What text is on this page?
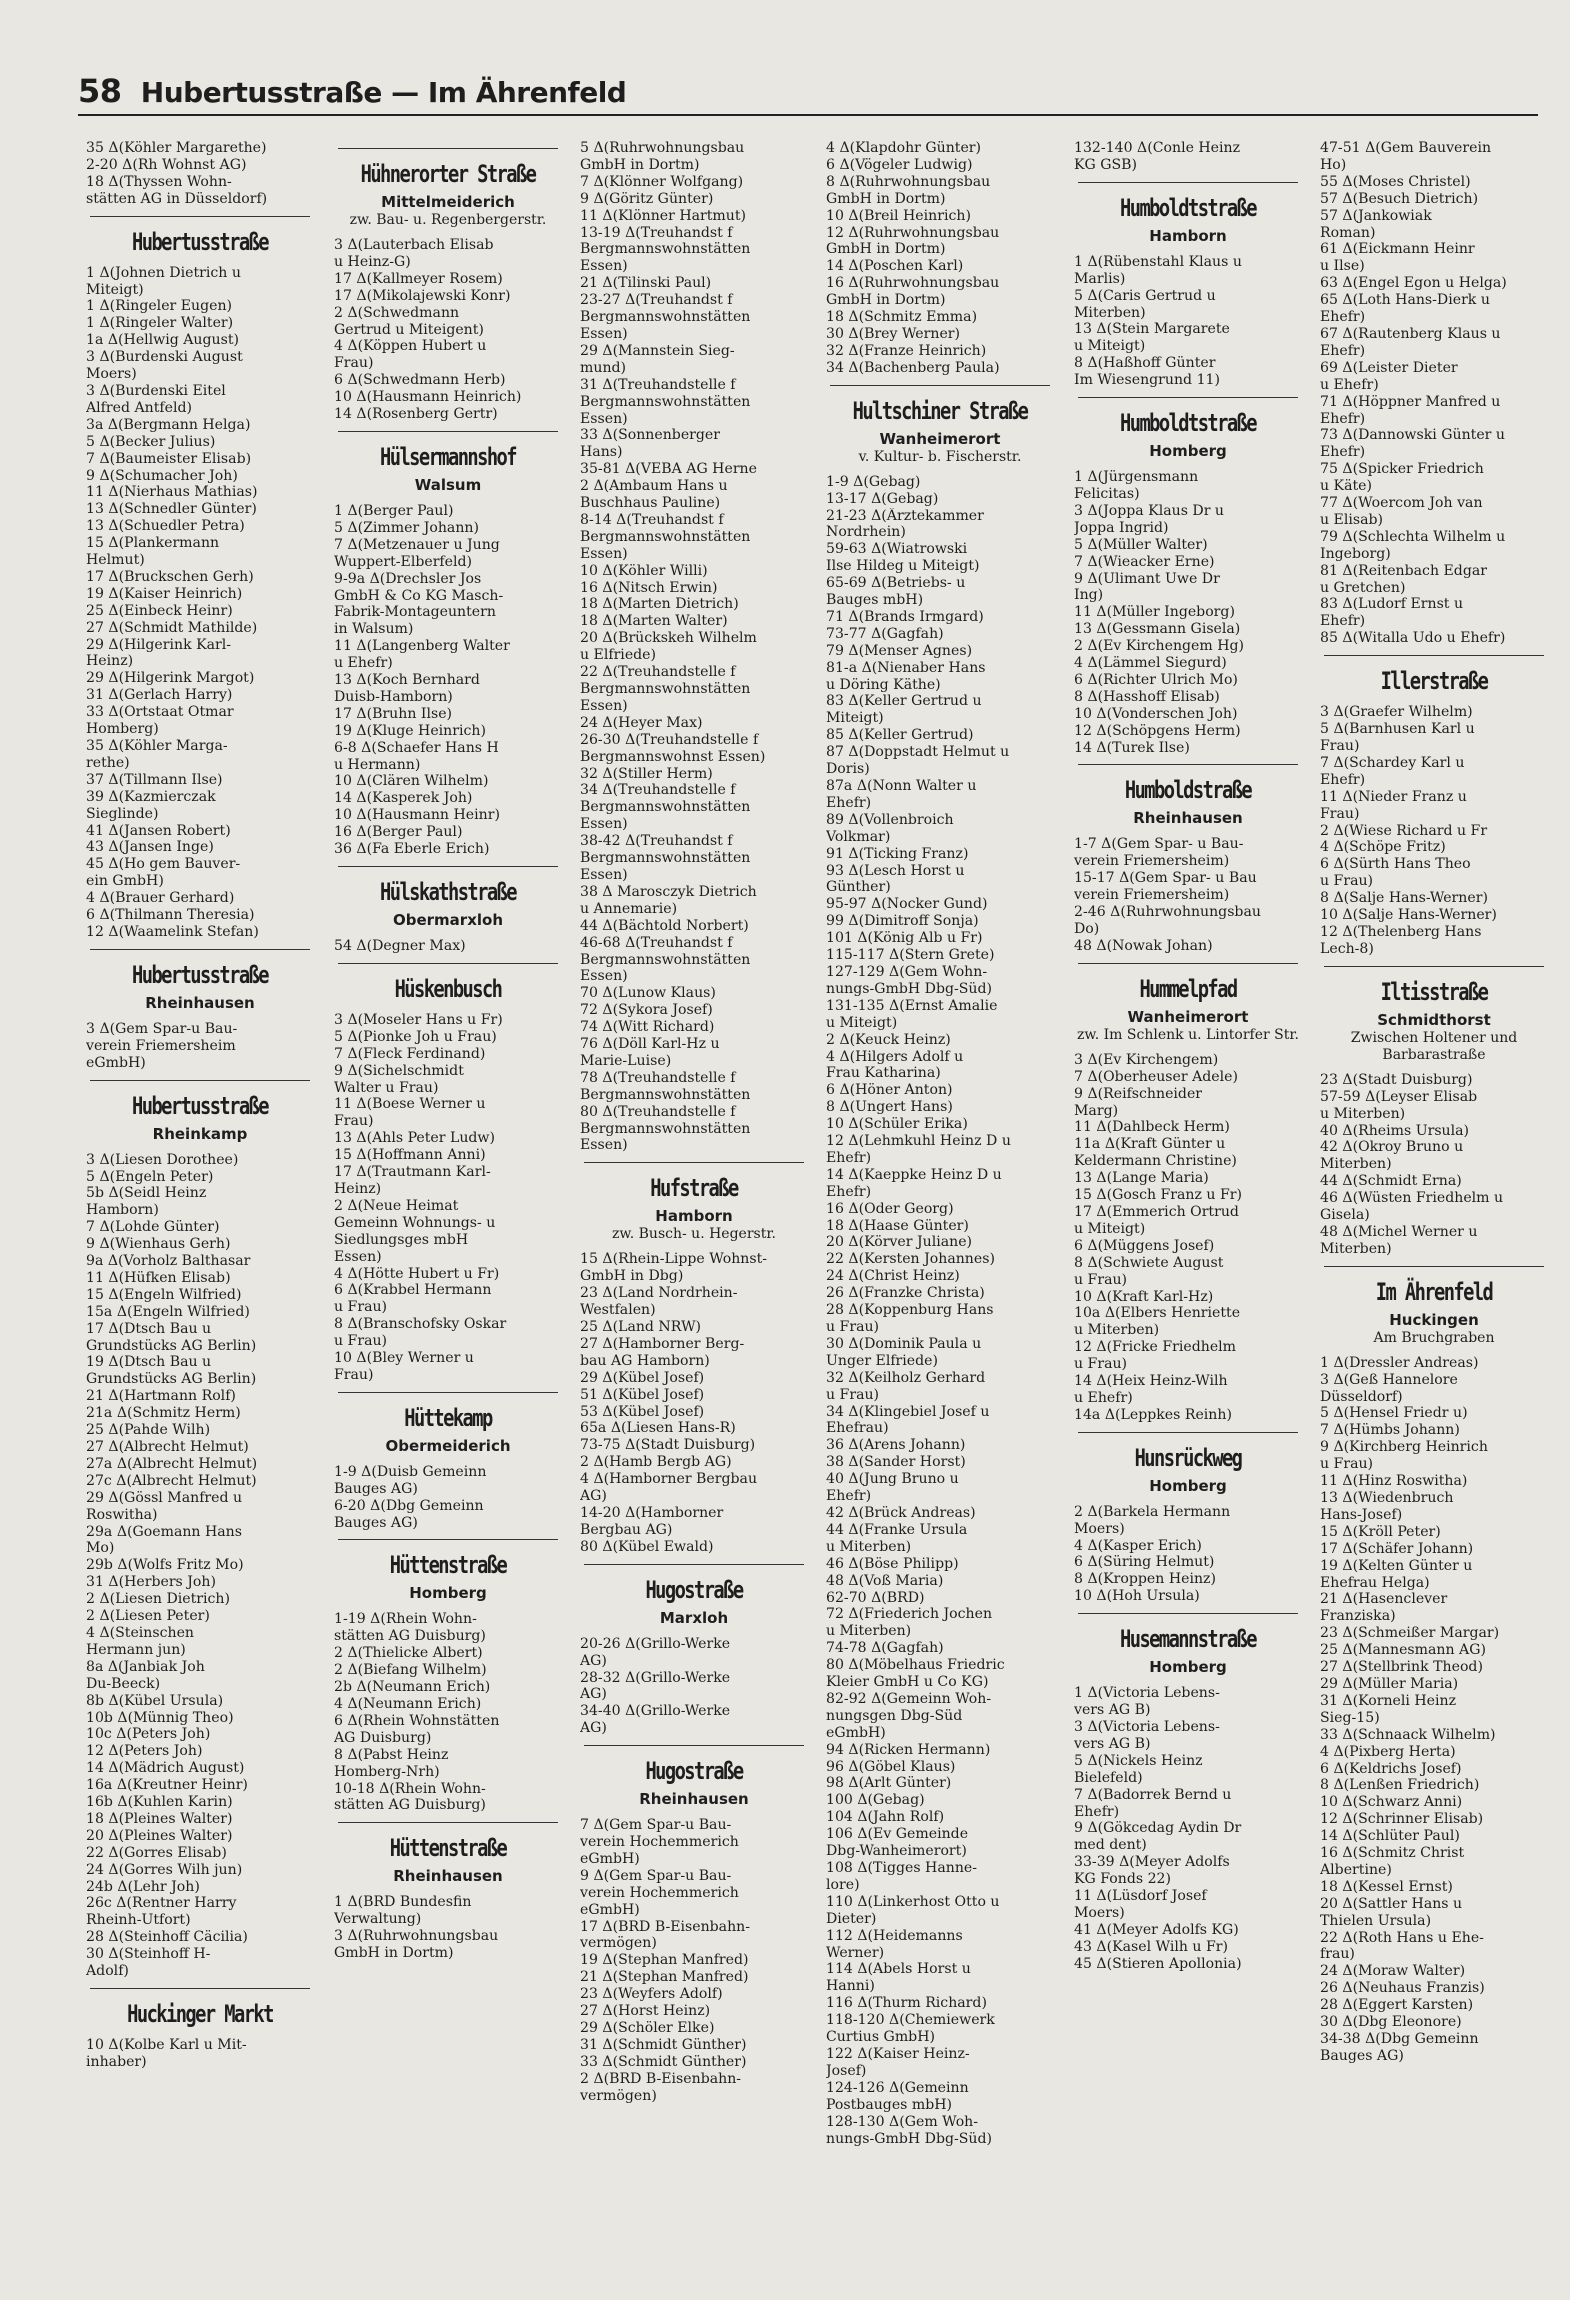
58 Hubertusstraße — Im Ährenfeld
35 Δ(Köhler Margarethe)
2-20 Δ(Rh Wohnst AG)
18 Δ(Thyssen Wohn-
stätten AG in Düsseldorf)
Hubertusstraße
1 Δ(Johnen Dietrich u
Miteigt)
1 Δ(Ringeler Eugen)
1 Δ(Ringeler Walter)
1a Δ(Hellwig August)
3 Δ(Burdenski August
Moers)
3 Δ(Burdenski Eitel
Alfred Antfeld)
3a Δ(Bergmann Helga)
5 Δ(Becker Julius)
7 Δ(Baumeister Elisab)
9 Δ(Schumacher Joh)
11 Δ(Nierhaus Mathias)
13 Δ(Schnedler Günter)
13 Δ(Schuedler Petra)
15 Δ(Plankermann
Helmut)
17 Δ(Bruckschen Gerh)
19 Δ(Kaiser Heinrich)
25 Δ(Einbeck Heinr)
27 Δ(Schmidt Mathilde)
29 Δ(Hilgerink Karl-
Heinz)
29 Δ(Hilgerink Margot)
31 Δ(Gerlach Harry)
33 Δ(Ortstaat Otmar
Homberg)
35 Δ(Köhler Marga-
rethe)
37 Δ(Tillmann Ilse)
39 Δ(Kazmierczak
Sieglinde)
41 Δ(Jansen Robert)
43 Δ(Jansen Inge)
45 Δ(Ho gem Bauver-
ein GmbH)
4 Δ(Brauer Gerhard)
6 Δ(Thilmann Theresia)
12 Δ(Waamelink Stefan)
Hubertusstraße
Rheinhausen
3 Δ(Gem Spar-u Bau-
verein Friemersheim
eGmbH)
Hubertusstraße
Rheinkamp
3 Δ(Liesen Dorothee)
5 Δ(Engeln Peter)
5b Δ(Seidl Heinz
Hamborn)
7 Δ(Lohde Günter)
9 Δ(Wienhaus Gerh)
9a Δ(Vorholz Balthasar
11 Δ(Hüfken Elisab)
15 Δ(Engeln Wilfried)
15a Δ(Engeln Wilfried)
17 Δ(Dtsch Bau u
Grundstücks AG Berlin)
19 Δ(Dtsch Bau u
Grundstücks AG Berlin)
21 Δ(Hartmann Rolf)
21a Δ(Schmitz Herm)
25 Δ(Pahde Wilh)
27 Δ(Albrecht Helmut)
27a Δ(Albrecht Helmut)
27c Δ(Albrecht Helmut)
29 Δ(Gössl Manfred u
Roswitha)
29a Δ(Goemann Hans
Mo)
29b Δ(Wolfs Fritz Mo)
31 Δ(Herbers Joh)
2 Δ(Liesen Dietrich)
2 Δ(Liesen Peter)
4 Δ(Steinschen
Hermann jun)
8a Δ(Janbiak Joh
Du-Beeck)
8b Δ(Kübel Ursula)
10b Δ(Münnig Theo)
10c Δ(Peters Joh)
12 Δ(Peters Joh)
14 Δ(Mädrich August)
16a Δ(Kreutner Heinr)
16b Δ(Kuhlen Karin)
18 Δ(Pleines Walter)
20 Δ(Pleines Walter)
22 Δ(Gorres Elisab)
24 Δ(Gorres Wilh jun)
24b Δ(Lehr Joh)
26c Δ(Rentner Harry
Rheinh-Utfort)
28 Δ(Steinhoff Cäcilia)
30 Δ(Steinhoff H-
Adolf)
Huckinger Markt
10 Δ(Kolbe Karl u Mit-
inhaber)
Hühnerorter Straße
Mittelmeiderich
zw. Bau- u. Regenbergerstr.
3 Δ(Lauterbach Elisab
u Heinz-G)
17 Δ(Kallmeyer Rosem)
17 Δ(Mikolajewski Konr)
2 Δ(Schwedmann
Gertrud u Miteigent)
4 Δ(Köppen Hubert u
Frau)
6 Δ(Schwedmann Herb)
10 Δ(Hausmann Heinrich)
14 Δ(Rosenberg Gertr)
Hülsermannshof
Walsum
1 Δ(Berger Paul)
5 Δ(Zimmer Johann)
7 Δ(Metzenauer u Jung
Wuppert-Elberfeld)
9-9a Δ(Drechsler Jos
GmbH & Co KG Masch-
Fabrik-Montageuntern
in Walsum)
11 Δ(Langenberg Walter
u Ehefr)
13 Δ(Koch Bernhard
Duisb-Hamborn)
17 Δ(Bruhn Ilse)
19 Δ(Kluge Heinrich)
6-8 Δ(Schaefer Hans H
u Hermann)
10 Δ(Clären Wilhelm)
14 Δ(Kasperek Joh)
10 Δ(Hausmann Heinr)
16 Δ(Berger Paul)
36 Δ(Fa Eberle Erich)
Hülskathstraße
Obermarxloh
54 Δ(Degner Max)
Hüskenbusch
3 Δ(Moseler Hans u Fr)
5 Δ(Pionke Joh u Frau)
7 Δ(Fleck Ferdinand)
9 Δ(Sichelschmidt
Walter u Frau)
11 Δ(Boese Werner u
Frau)
13 Δ(Ahls Peter Ludw)
15 Δ(Hoffmann Anni)
17 Δ(Trautmann Karl-
Heinz)
2 Δ(Neue Heimat
Gemeinn Wohnungs- u
Siedlungsges mbH
Essen)
4 Δ(Hötte Hubert u Fr)
6 Δ(Krabbel Hermann
u Frau)
8 Δ(Branschofsky Oskar
u Frau)
10 Δ(Bley Werner u
Frau)
Hüttekamp
Obermeiderich
1-9 Δ(Duisb Gemeinn
Bauges AG)
6-20 Δ(Dbg Gemeinn
Bauges AG)
Hüttenstraße
Homberg
1-19 Δ(Rhein Wohn-
stätten AG Duisburg)
2 Δ(Thielicke Albert)
2 Δ(Biefang Wilhelm)
2b Δ(Neumann Erich)
4 Δ(Neumann Erich)
6 Δ(Rhein Wohnstätten
AG Duisburg)
8 Δ(Pabst Heinz
Homberg-Nrh)
10-18 Δ(Rhein Wohn-
stätten AG Duisburg)
Hüttenstraße
Rheinhausen
1 Δ(BRD Bundesfin
Verwaltung)
3 Δ(Ruhrwohnungsbau
GmbH in Dortm)
5 Δ(Ruhrwohnungsbau
GmbH in Dortm)
7 Δ(Klönner Wolfgang)
9 Δ(Göritz Günter)
11 Δ(Klönner Hartmut)
13-19 Δ(Treuhandst f
Bergmannswohnstätten
Essen)
21 Δ(Tilinski Paul)
23-27 Δ(Treuhandst f
Bergmannswohnstätten
Essen)
29 Δ(Mannstein Sieg-
mund)
31 Δ(Treuhandstelle f
Bergmannswohnstätten
Essen)
33 Δ(Sonnenberger
Hans)
35-81 Δ(VEBA AG Herne
2 Δ(Ambaum Hans u
Buschhaus Pauline)
8-14 Δ(Treuhandst f
Bergmannswohnstätten
Essen)
10 Δ(Köhler Willi)
16 Δ(Nitsch Erwin)
18 Δ(Marten Dietrich)
18 Δ(Marten Walter)
20 Δ(Brückskeh Wilhelm
u Elfriede)
22 Δ(Treuhandstelle f
Bergmannswohnstätten
Essen)
24 Δ(Heyer Max)
26-30 Δ(Treuhandstelle f
Bergmannswohnst Essen)
32 Δ(Stiller Herm)
34 Δ(Treuhandstelle f
Bergmannswohnstätten
Essen)
38-42 Δ(Treuhandst f
Bergmannswohnstätten
Essen)
38 Δ Marosczyk Dietrich
u Annemarie)
44 Δ(Bächtold Norbert)
46-68 Δ(Treuhandst f
Bergmannswohnstätten
Essen)
70 Δ(Lunow Klaus)
72 Δ(Sykora Josef)
74 Δ(Witt Richard)
76 Δ(Döll Karl-Hz u
Marie-Luise)
78 Δ(Treuhandstelle f
Bergmannswohnstätten
80 Δ(Treuhandstelle f
Bergmannswohnstätten
Essen)
Hufstraße
Hamborn
zw. Busch- u. Hegerstr.
15 Δ(Rhein-Lippe Wohnst-
GmbH in Dbg)
23 Δ(Land Nordrhein-
Westfalen)
25 Δ(Land NRW)
27 Δ(Hamborner Berg-
bau AG Hamborn)
29 Δ(Kübel Josef)
51 Δ(Kübel Josef)
53 Δ(Kübel Josef)
65a Δ(Liesen Hans-R)
73-75 Δ(Stadt Duisburg)
2 Δ(Hamb Bergb AG)
4 Δ(Hamborner Bergbau
AG)
14-20 Δ(Hamborner
Bergbau AG)
80 Δ(Kübel Ewald)
Hugostraße
Marxloh
20-26 Δ(Grillo-Werke
AG)
28-32 Δ(Grillo-Werke
AG)
34-40 Δ(Grillo-Werke
AG)
Hugostraße
Rheinhausen
7 Δ(Gem Spar-u Bau-
verein Hochemmerich
eGmbH)
9 Δ(Gem Spar-u Bau-
verein Hochemmerich
eGmbH)
17 Δ(BRD B-Eisenbahn-
vermögen)
19 Δ(Stephan Manfred)
21 Δ(Stephan Manfred)
23 Δ(Weyfers Adolf)
27 Δ(Horst Heinz)
29 Δ(Schöler Elke)
31 Δ(Schmidt Günther)
33 Δ(Schmidt Günther)
2 Δ(BRD B-Eisenbahn-
vermögen)
4 Δ(Klapdohr Günter)
6 Δ(Vögeler Ludwig)
8 Δ(Ruhrwohnungsbau
GmbH in Dortm)
10 Δ(Breil Heinrich)
12 Δ(Ruhrwohnungsbau
GmbH in Dortm)
14 Δ(Poschen Karl)
16 Δ(Ruhrwohnungsbau
GmbH in Dortm)
18 Δ(Schmitz Emma)
30 Δ(Brey Werner)
32 Δ(Franze Heinrich)
34 Δ(Bachenberg Paula)
Hultschiner Straße
Wanheimerort
v. Kultur- b. Fischerstr.
1-9 Δ(Gebag)
13-17 Δ(Gebag)
21-23 Δ(Ärztekammer
Nordrhein)
59-63 Δ(Wiatrowski
Ilse Hildeg u Miteigt)
65-69 Δ(Betriebs- u
Bauges mbH)
71 Δ(Brands Irmgard)
73-77 Δ(Gagfah)
79 Δ(Menser Agnes)
81-a Δ(Nienaber Hans
u Döring Käthe)
83 Δ(Keller Gertrud u
Miteigt)
85 Δ(Keller Gertrud)
87 Δ(Doppstadt Helmut u
Doris)
87a Δ(Nonn Walter u
Ehefr)
89 Δ(Vollenbroich
Volkmar)
91 Δ(Ticking Franz)
93 Δ(Lesch Horst u
Günther)
95-97 Δ(Nocker Gund)
99 Δ(Dimitroff Sonja)
101 Δ(König Alb u Fr)
115-117 Δ(Stern Grete)
127-129 Δ(Gem Wohn-
nungs-GmbH Dbg-Süd)
131-135 Δ(Ernst Amalie
u Miteigt)
2 Δ(Keuck Heinz)
4 Δ(Hilgers Adolf u
Frau Katharina)
6 Δ(Höner Anton)
8 Δ(Ungert Hans)
10 Δ(Schüler Erika)
12 Δ(Lehmkuhl Heinz D u
Ehefr)
14 Δ(Kaeppke Heinz D u
Ehefr)
16 Δ(Oder Georg)
18 Δ(Haase Günter)
20 Δ(Körver Juliane)
22 Δ(Kersten Johannes)
24 Δ(Christ Heinz)
26 Δ(Franzke Christa)
28 Δ(Koppenburg Hans
u Frau)
30 Δ(Dominik Paula u
Unger Elfriede)
32 Δ(Keilholz Gerhard
u Frau)
34 Δ(Klingebiel Josef u
Ehefrau)
36 Δ(Arens Johann)
38 Δ(Sander Horst)
40 Δ(Jung Bruno u
Ehefr)
42 Δ(Brück Andreas)
44 Δ(Franke Ursula
u Miterben)
46 Δ(Böse Philipp)
48 Δ(Voß Maria)
62-70 Δ(BRD)
72 Δ(Friederich Jochen
u Miterben)
74-78 Δ(Gagfah)
80 Δ(Möbelhaus Friedric
Kleier GmbH u Co KG)
82-92 Δ(Gemeinn Woh-
nungsgen Dbg-Süd
eGmbH)
94 Δ(Ricken Hermann)
96 Δ(Göbel Klaus)
98 Δ(Arlt Günter)
100 Δ(Gebag)
104 Δ(Jahn Rolf)
106 Δ(Ev Gemeinde
Dbg-Wanheimerort)
108 Δ(Tigges Hanne-
lore)
110 Δ(Linkerhost Otto u
Dieter)
112 Δ(Heidemanns
Werner)
114 Δ(Abels Horst u
Hanni)
116 Δ(Thurm Richard)
118-120 Δ(Chemiewerk
Curtius GmbH)
122 Δ(Kaiser Heinz-
Josef)
124-126 Δ(Gemeinn
Postbauges mbH)
128-130 Δ(Gem Woh-
nungs-GmbH Dbg-Süd)
132-140 Δ(Conle Heinz
KG GSB)
Humboldtstraße
Hamborn
1 Δ(Rübenstahl Klaus u
Marlis)
5 Δ(Caris Gertrud u
Miterben)
13 Δ(Stein Margarete
u Miteigt)
8 Δ(Haßhoff Günter
Im Wiesengrund 11)
Humboldtstraße
Homberg
1 Δ(Jürgensmann
Felicitas)
3 Δ(Joppa Klaus Dr u
Joppa Ingrid)
5 Δ(Müller Walter)
7 Δ(Wieacker Erne)
9 Δ(Ulimant Uwe Dr
Ing)
11 Δ(Müller Ingeborg)
13 Δ(Gessmann Gisela)
2 Δ(Ev Kirchengem Hg)
4 Δ(Lämmel Siegurd)
6 Δ(Richter Ulrich Mo)
8 Δ(Hasshoff Elisab)
10 Δ(Vonderschen Joh)
12 Δ(Schöpgens Herm)
14 Δ(Turek Ilse)
Humboldstraße
Rheinhausen
1-7 Δ(Gem Spar- u Bau-
verein Friemersheim)
15-17 Δ(Gem Spar- u Bau
verein Friemersheim)
2-46 Δ(Ruhrwohnungsbau
Do)
48 Δ(Nowak Johan)
Hummelpfad
Wanheimerort
zw. Im Schlenk u. Lintorfer Str.
3 Δ(Ev Kirchengem)
7 Δ(Oberheuser Adele)
9 Δ(Reifschneider
Marg)
11 Δ(Dahlbeck Herm)
11a Δ(Kraft Günter u
Keldermann Christine)
13 Δ(Lange Maria)
15 Δ(Gosch Franz u Fr)
17 Δ(Emmerich Ortrud
u Miteigt)
6 Δ(Müggens Josef)
8 Δ(Schwiete August
u Frau)
10 Δ(Kraft Karl-Hz)
10a Δ(Elbers Henriette
u Miterben)
12 Δ(Fricke Friedhelm
u Frau)
14 Δ(Heix Heinz-Wilh
u Ehefr)
14a Δ(Leppkes Reinh)
Hunsrückweg
Homberg
2 Δ(Barkela Hermann
Moers)
4 Δ(Kasper Erich)
6 Δ(Süring Helmut)
8 Δ(Kroppen Heinz)
10 Δ(Hoh Ursula)
Husemannstraße
Homberg
1 Δ(Victoria Lebens-
vers AG B)
3 Δ(Victoria Lebens-
vers AG B)
5 Δ(Nickels Heinz
Bielefeld)
7 Δ(Badorrek Bernd u
Ehefr)
9 Δ(Gökcedag Aydin Dr
med dent)
33-39 Δ(Meyer Adolfs
KG Fonds 22)
11 Δ(Lüsdorf Josef
Moers)
41 Δ(Meyer Adolfs KG)
43 Δ(Kasel Wilh u Fr)
45 Δ(Stieren Apollonia)
47-51 Δ(Gem Bauverein
Ho)
55 Δ(Moses Christel)
57 Δ(Besuch Dietrich)
57 Δ(Jankowiak
Roman)
61 Δ(Eickmann Heinr
u Ilse)
63 Δ(Engel Egon u Helga)
65 Δ(Loth Hans-Dierk u
Ehefr)
67 Δ(Rautenberg Klaus u
Ehefr)
69 Δ(Leister Dieter
u Ehefr)
71 Δ(Höppner Manfred u
Ehefr)
73 Δ(Dannowski Günter u
Ehefr)
75 Δ(Spicker Friedrich
u Käte)
77 Δ(Woercom Joh van
u Elisab)
79 Δ(Schlechta Wilhelm u
Ingeborg)
81 Δ(Reitenbach Edgar
u Gretchen)
83 Δ(Ludorf Ernst u
Ehefr)
85 Δ(Witalla Udo u Ehefr)
Illerstraße
3 Δ(Graefer Wilhelm)
5 Δ(Barnhusen Karl u
Frau)
7 Δ(Schardey Karl u
Ehefr)
11 Δ(Nieder Franz u
Frau)
2 Δ(Wiese Richard u Fr
4 Δ(Schöpe Fritz)
6 Δ(Sürth Hans Theo
u Frau)
8 Δ(Salje Hans-Werner)
10 Δ(Salje Hans-Werner)
12 Δ(Thelenberg Hans
Lech-8)
Iltisstraße
Schmidthorst
Zwischen Holtener und Barbarastraße
23 Δ(Stadt Duisburg)
57-59 Δ(Leyser Elisab
u Miterben)
40 Δ(Rheims Ursula)
42 Δ(Okroy Bruno u
Miterben)
44 Δ(Schmidt Erna)
46 Δ(Wüsten Friedhelm u
Gisela)
48 Δ(Michel Werner u
Miterben)
Im Ährenfeld
Huckingen
Am Bruchgraben
1 Δ(Dressler Andreas)
3 Δ(Geß Hannelore
Düsseldorf)
5 Δ(Hensel Friedr u)
7 Δ(Hümbs Johann)
9 Δ(Kirchberg Heinrich
u Frau)
11 Δ(Hinz Roswitha)
13 Δ(Wiedenbruch
Hans-Josef)
15 Δ(Kröll Peter)
17 Δ(Schäfer Johann)
19 Δ(Kelten Günter u
Ehefrau Helga)
21 Δ(Hasenclever
Franziska)
23 Δ(Schmeißer Margar)
25 Δ(Mannesmann AG)
27 Δ(Stellbrink Theod)
29 Δ(Müller Maria)
31 Δ(Korneli Heinz
Sieg-15)
33 Δ(Schnaack Wilhelm)
4 Δ(Pixberg Herta)
6 Δ(Keldrichs Josef)
8 Δ(Lenßen Friedrich)
10 Δ(Schwarz Anni)
12 Δ(Schrinner Elisab)
14 Δ(Schlüter Paul)
16 Δ(Schmitz Christ
Albertine)
18 Δ(Kessel Ernst)
20 Δ(Sattler Hans u
Thielen Ursula)
22 Δ(Roth Hans u Ehe-
frau)
24 Δ(Moraw Walter)
26 Δ(Neuhaus Franzis)
28 Δ(Eggert Karsten)
30 Δ(Dbg Eleonore)
34-38 Δ(Dbg Gemeinn
Bauges AG)
